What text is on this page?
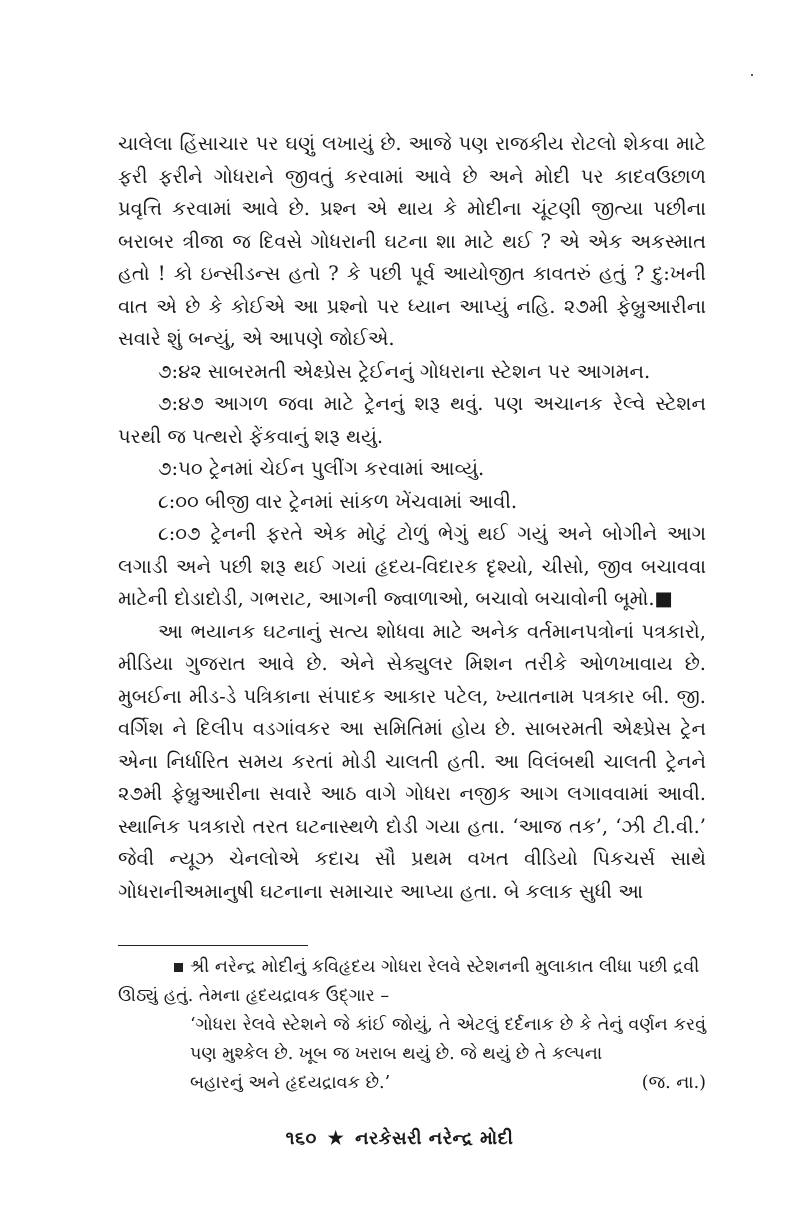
ચાલેલા હિંસાચાર પર ઘણું લખાયું છે. આજે પણ રાજકીય રોટલો શેકવા માટે ફરી ફરીને ગોધરાને જીવતું કરવામાં આવે છે અને મોદી પર કાદવઉછાળ પ્રવૃત્તિ કરવામાં આવે છે. પ્રશ્ન એ થાય કે મોદીના ચૂંટણી જીત્યા પછીના બરાબર ત્રીજા જ દિવસે ગોધરાની ઘટના શા માટે થઈ ? એ એક અકસ્માત હતો ! કો ઇન્સીડન્સ હતો ? કે પછી પૂર્વ આયોજીત કાવતરું હતું ? દુ:ખની વાત એ છે કે કોઈએ આ પ્રશ્નો પર ધ્યાન આપ્યું નહિ. ૨૭મી ફેબ્રુઆરીના સવારે શું બન્યું, એ આપણે જોઈએ.

૭:૪૨ સાબરમતી એક્ષ્પ્રેસ ટ્રેઈનનું ગોધરાના સ્ટેશન પર આગમન.

૭:૪૭ આગળ જવા માટે ટ્રેનનું શરૂ થવું. પણ અચાનક રેલ્વે સ્ટેશન પરથી જ પત્થરો ફેંકવાનું શરૂ થયું.

૭:૫૦ ટ્રેનમાં ચેઈન પુલીંગ કરવામાં આવ્યું.

૮:૦૦ બીજી વાર ટ્રેનમાં સાંકળ ખેંચવામાં આવી.

૮:૦૭ ટ્રેનની ફરતે એક મોટું ટોળું ભેગું થઈ ગયું અને બોગીને આગ લગાડી અને પછી શરૂ થઈ ગયાં હૃદય-વિદારક દૃશ્યો, ચીસો, જીવ બચાવવા માટેની દોડાદોડી, ગભરાટ, આગની જ્વાળાઓ, બચાવો બચાવોની બૂમો.■

આ ભયાનક ઘટનાનું સત્ય શોધવા માટે અનેક વર્તમાનપત્રોનાં પત્રકારો, મીડિયા ગુજરાત આવે છે. એને સેક્યુલર મિશન તરીકે ઓળખાવાય છે. મુબઈના મીડ-ડે પત્રિકાના સંપાદક આકાર પટેલ, ખ્યાતનામ પત્રકાર બી. જી. વર્ગિશ ને દિલીપ વડગાંવકર આ સમિતિમાં હોય છે. સાબરમતી એક્ષ્પ્રેસ ટ્રેન એના નિર્ધારિત સમય કરતાં મોડી ચાલતી હતી. આ વિલંબથી ચાલતી ટ્રેનને ૨૭મી ફેબ્રુઆરીના સવારે આઠ વાગે ગોધરા નજીક આગ લગાવવામાં આવી. સ્થાનિક પત્રકારો તરત ઘટનાસ્થળે દોડી ગયા હતા. ‘આજ તક’, ‘ઝી ટી.વી.’ જેવી ન્યૂઝ ચેનલોએ કદાચ સૌ પ્રથમ વખત વીડિયો પિકચર્સ સાથે ગોધરાનીઅમાનુષી ઘટનાના સમાચાર આપ્યા હતા. બે કલાક સુધી આ

શ્રી નરેન્દ્ર મોદીનું કવિહૃદય ગોધરા રેલવે સ્ટેશનની મુલાકાત લીધા પછી દ્રવી ઊઠ્યું હતું. તેમના હૃદયદ્રાવક ઉદ્ગાર –

‘ગોધરા રેલવે સ્ટેશને જે કાંઈ જોયું, તે એટલું દર્દનાક છે કે તેનું વર્ણન કરવું પણ મુશ્કેલ છે. ખૂબ જ ખરાબ થયું છે. જે થયું છે તે કલ્પના

બહારનું અને હૃદયદ્રાવક છે.’	(જ. ના.)
૧૬૦ ★ નરકેસરી નરેન્દ્ર મોદી
